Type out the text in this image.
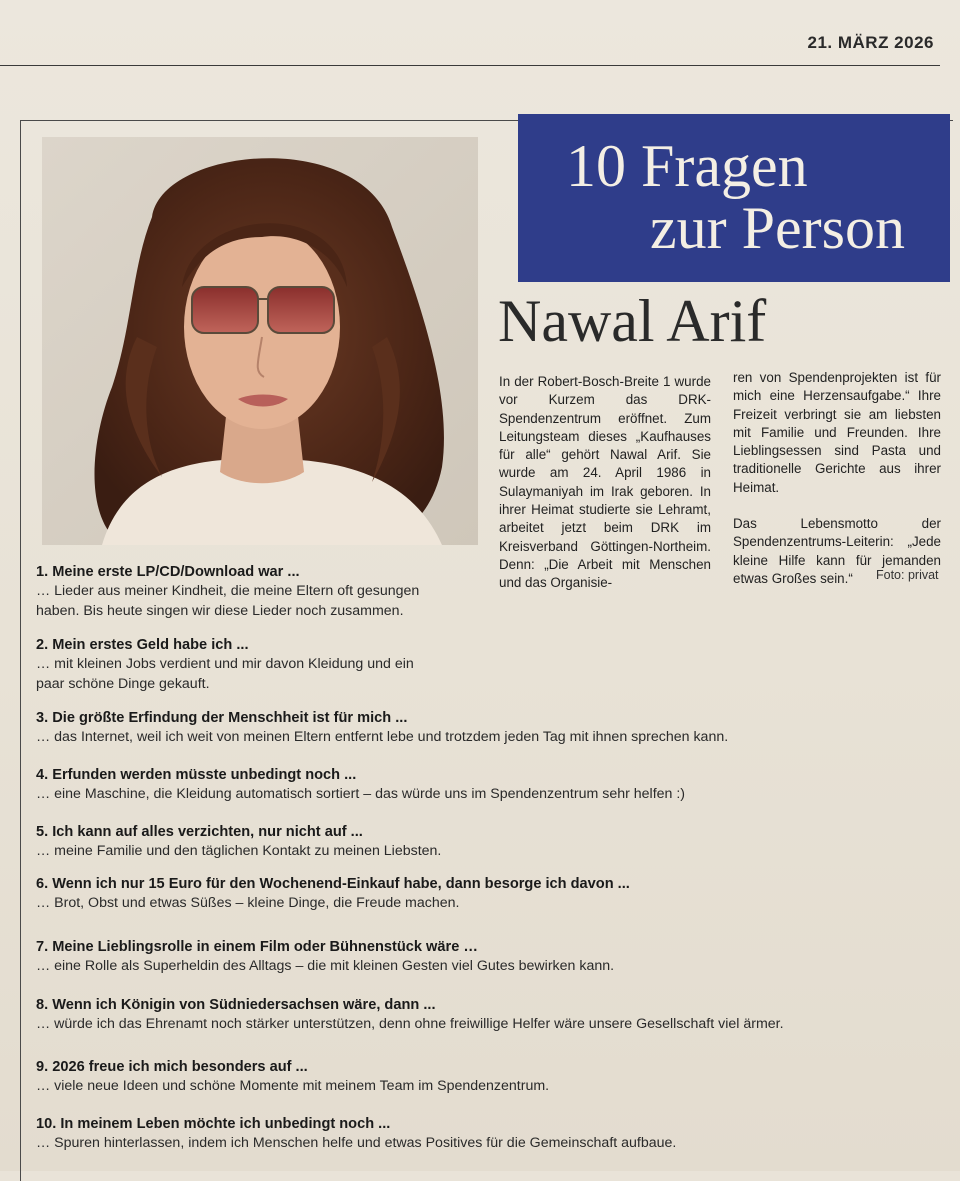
21. MÄRZ 2026
10 Fragen
zur Person
Nawal Arif
In der Robert-Bosch-Breite 1 wurde vor Kurzem das DRK-Spendenzentrum eröffnet. Zum Leitungsteam dieses „Kaufhauses für alle“ gehört Nawal Arif. Sie wurde am 24. April 1986 in Sulaymaniyah im Irak geboren. In ihrer Heimat studierte sie Lehramt, arbeitet jetzt beim DRK im Kreisverband Göttingen-Northeim. Denn: „Die Arbeit mit Menschen und das Organisie-

ren von Spendenprojekten ist für mich eine Herzensaufgabe.“ Ihre Freizeit verbringt sie am liebsten mit Familie und Freunden. Ihre Lieblingsessen sind Pasta und traditionelle Gerichte aus ihrer Heimat.

Das Lebensmotto der Spendenzentrums-Leiterin: „Jede kleine Hilfe kann für jemanden etwas Großes sein.“	Foto: privat
1. Meine erste LP/CD/Download war ...
… Lieder aus meiner Kindheit, die meine Eltern oft gesungen haben. Bis heute singen wir diese Lieder noch zusammen.
2. Mein erstes Geld habe ich ...
… mit kleinen Jobs verdient und mir davon Kleidung und ein paar schöne Dinge gekauft.
3. Die größte Erfindung der Menschheit ist für mich ...
… das Internet, weil ich weit von meinen Eltern entfernt lebe und trotzdem jeden Tag mit ihnen sprechen kann.
4. Erfunden werden müsste unbedingt noch ...
… eine Maschine, die Kleidung automatisch sortiert – das würde uns im Spendenzentrum sehr helfen :)
5. Ich kann auf alles verzichten, nur nicht auf ...
… meine Familie und den täglichen Kontakt zu meinen Liebsten.
6. Wenn ich nur 15 Euro für den Wochenend-Einkauf habe, dann besorge ich davon ...
… Brot, Obst und etwas Süßes – kleine Dinge, die Freude machen.
7. Meine Lieblingsrolle in einem Film oder Bühnenstück wäre …
… eine Rolle als Superheldin des Alltags – die mit kleinen Gesten viel Gutes bewirken kann.
8. Wenn ich Königin von Südniedersachsen wäre, dann ...
… würde ich das Ehrenamt noch stärker unterstützen, denn ohne freiwillige Helfer wäre unsere Gesellschaft viel ärmer.
9. 2026 freue ich mich besonders auf ...
… viele neue Ideen und schöne Momente mit meinem Team im Spendenzentrum.
10. In meinem Leben möchte ich unbedingt noch ...
… Spuren hinterlassen, indem ich Menschen helfe und etwas Positives für die Gemeinschaft aufbaue.
